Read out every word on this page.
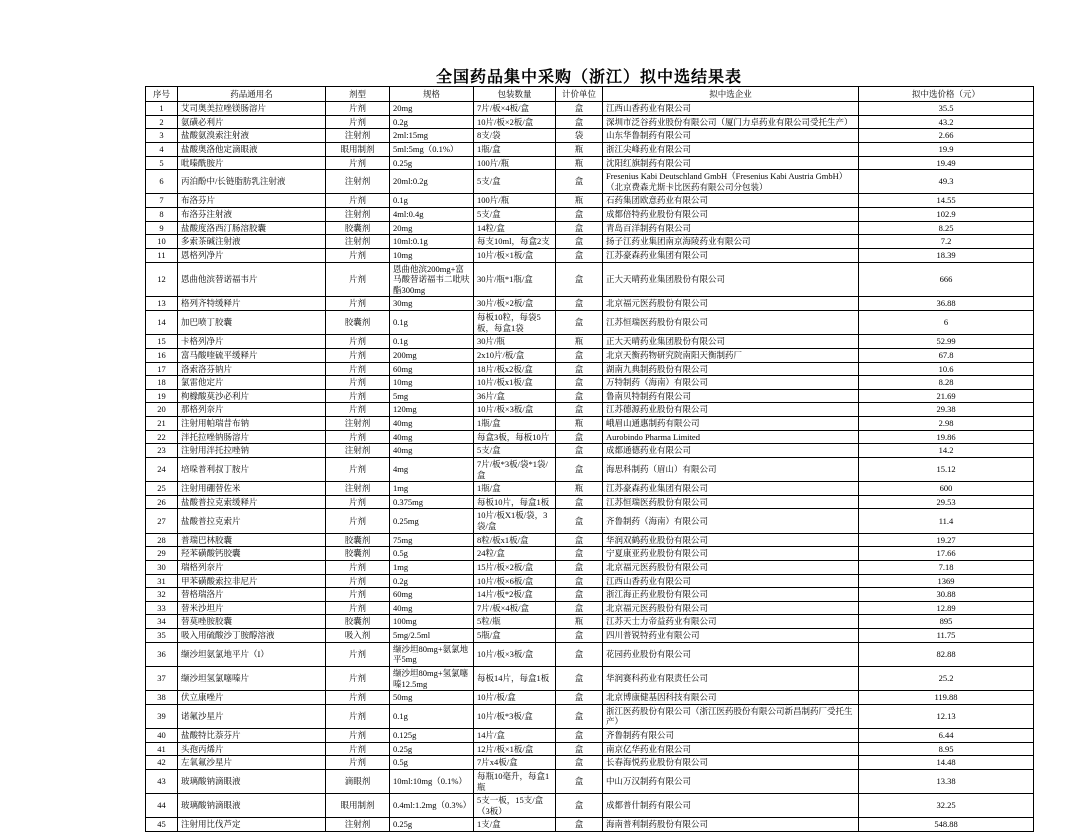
全国药品集中采购（浙江）拟中选结果表
序号	药品通用名	剂型	规格	包装数量	计价单位	拟中选企业	拟中选价格（元）
1	艾司奥美拉唑镁肠溶片	片剂	20mg	7片/板×4板/盒	盒	江西山香药业有限公司	35.5
2	氨磺必利片	片剂	0.2g	10片/板×2板/盒	盒	深圳市泛谷药业股份有限公司（厦门力卓药业有限公司受托生产）	43.2
3	盐酸氨溴索注射液	注射剂	2ml:15mg	8支/袋	袋	山东华鲁制药有限公司	2.66
4	盐酸奥洛他定滴眼液	眼用制剂	5ml:5mg（0.1%）	1瓶/盒	瓶	浙江尖峰药业有限公司	19.9
5	吡嗪酰胺片	片剂	0.25g	100片/瓶	瓶	沈阳红旗制药有限公司	19.49
6	丙泊酚中/长链脂肪乳注射液	注射剂	20ml:0.2g	5支/盒	盒	Fresenius Kabi Deutschland GmbH（Fresenius Kabi Austria GmbH）（北京费森尤斯卡比医药有限公司分包装）	49.3
7	布洛芬片	片剂	0.1g	100片/瓶	瓶	石药集团欧意药业有限公司	14.55
8	布洛芬注射液	注射剂	4ml:0.4g	5支/盒	盒	成都倍特药业股份有限公司	102.9
9	盐酸度洛西汀肠溶胶囊	胶囊剂	20mg	14粒/盒	盒	青岛百洋制药有限公司	8.25
10	多索茶碱注射液	注射剂	10ml:0.1g	每支10ml，每盒2支	盒	扬子江药业集团南京海陵药业有限公司	7.2
11	恩格列净片	片剂	10mg	10片/板×1板/盒	盒	江苏豪森药业集团有限公司	18.39
12	恩曲他滨替诺福韦片	片剂	恩曲他滨200mg+富马酸替诺福韦二吡呋酯300mg	30片/瓶*1瓶/盒	盒	正大天晴药业集团股份有限公司	666
13	格列齐特缓释片	片剂	30mg	30片/板×2板/盒	盒	北京福元医药股份有限公司	36.88
14	加巴喷丁胶囊	胶囊剂	0.1g	每板10粒，每袋5板，每盒1袋	盒	江苏恒瑞医药股份有限公司	6
15	卡格列净片	片剂	0.1g	30片/瓶	瓶	正大天晴药业集团股份有限公司	52.99
16	富马酸喹硫平缓释片	片剂	200mg	2x10片/板/盒	盒	北京天衡药物研究院南阳天衡制药厂	67.8
17	洛索洛芬钠片	片剂	60mg	18片/板x2板/盒	盒	湖南九典制药股份有限公司	10.6
18	氯雷他定片	片剂	10mg	10片/板x1板/盒	盒	万特制药（海南）有限公司	8.28
19	枸橼酸莫沙必利片	片剂	5mg	36片/盒	盒	鲁南贝特制药有限公司	21.69
20	那格列奈片	片剂	120mg	10片/板×3板/盒	盒	江苏德源药业股份有限公司	29.38
21	注射用帕瑞昔布钠	注射剂	40mg	1瓶/盒	瓶	峨眉山通惠制药有限公司	2.98
22	泮托拉唑钠肠溶片	片剂	40mg	每盒3板，每板10片	盒	Aurobindo Pharma Limited	19.86
23	注射用泮托拉唑钠	注射剂	40mg	5支/盒	盒	成都通德药业有限公司	14.2
24	培哚普利叔丁胺片	片剂	4mg	7片/板*3板/袋*1袋/盒	盒	海思科制药（眉山）有限公司	15.12
25	注射用硼替佐米	注射剂	1mg	1瓶/盒	瓶	江苏豪森药业集团有限公司	600
26	盐酸普拉克索缓释片	片剂	0.375mg	每板10片，每盒1板	盒	江苏恒瑞医药股份有限公司	29.53
27	盐酸普拉克索片	片剂	0.25mg	10片/板X1板/袋，3袋/盒	盒	齐鲁制药（海南）有限公司	11.4
28	普瑞巴林胶囊	胶囊剂	75mg	8粒/板x1板/盒	盒	华润双鹤药业股份有限公司	19.27
29	羟苯磺酸钙胶囊	胶囊剂	0.5g	24粒/盒	盒	宁夏康亚药业股份有限公司	17.66
30	瑞格列奈片	片剂	1mg	15片/板×2板/盒	盒	北京福元医药股份有限公司	7.18
31	甲苯磺酸索拉非尼片	片剂	0.2g	10片/板×6板/盒	盒	江西山香药业有限公司	1369
32	替格瑞洛片	片剂	60mg	14片/板*2板/盒	盒	浙江海正药业股份有限公司	30.88
33	替米沙坦片	片剂	40mg	7片/板×4板/盒	盒	北京福元医药股份有限公司	12.89
34	替莫唑胺胶囊	胶囊剂	100mg	5粒/瓶	瓶	江苏天士力帝益药业有限公司	895
35	吸入用硫酸沙丁胺醇溶液	吸入剂	5mg/2.5ml	5瓶/盒	盒	四川普锐特药业有限公司	11.75
36	缬沙坦氨氯地平片（I）	片剂	缬沙坦80mg+氨氯地平5mg	10片/板×3板/盒	盒	花园药业股份有限公司	82.88
37	缬沙坦氢氯噻嗪片	片剂	缬沙坦80mg+氢氯噻嗪12.5mg	每板14片，每盒1板	盒	华润赛科药业有限责任公司	25.2
38	伏立康唑片	片剂	50mg	10片/板/盒	盒	北京博康健基因科技有限公司	119.88
39	诺氟沙星片	片剂	0.1g	10片/板*3板/盒	盒	浙江医药股份有限公司（浙江医药股份有限公司新昌制药厂受托生产）	12.13
40	盐酸特比萘芬片	片剂	0.125g	14片/盒	盒	齐鲁制药有限公司	6.44
41	头孢丙烯片	片剂	0.25g	12片/板×1板/盒	盒	南京亿华药业有限公司	8.95
42	左氧氟沙星片	片剂	0.5g	7片x4板/盒	盒	长春海悦药业股份有限公司	14.48
43	玻璃酸钠滴眼液	滴眼剂	10ml:10mg（0.1%）	每瓶10毫升，每盒1瓶	盒	中山万汉制药有限公司	13.38
44	玻璃酸钠滴眼液	眼用制剂	0.4ml:1.2mg（0.3%）	5支一板，15支/盒（3板）	盒	成都普什制药有限公司	32.25
45	注射用比伐芦定	注射剂	0.25g	1支/盒	盒	海南普利制药股份有限公司	548.88
